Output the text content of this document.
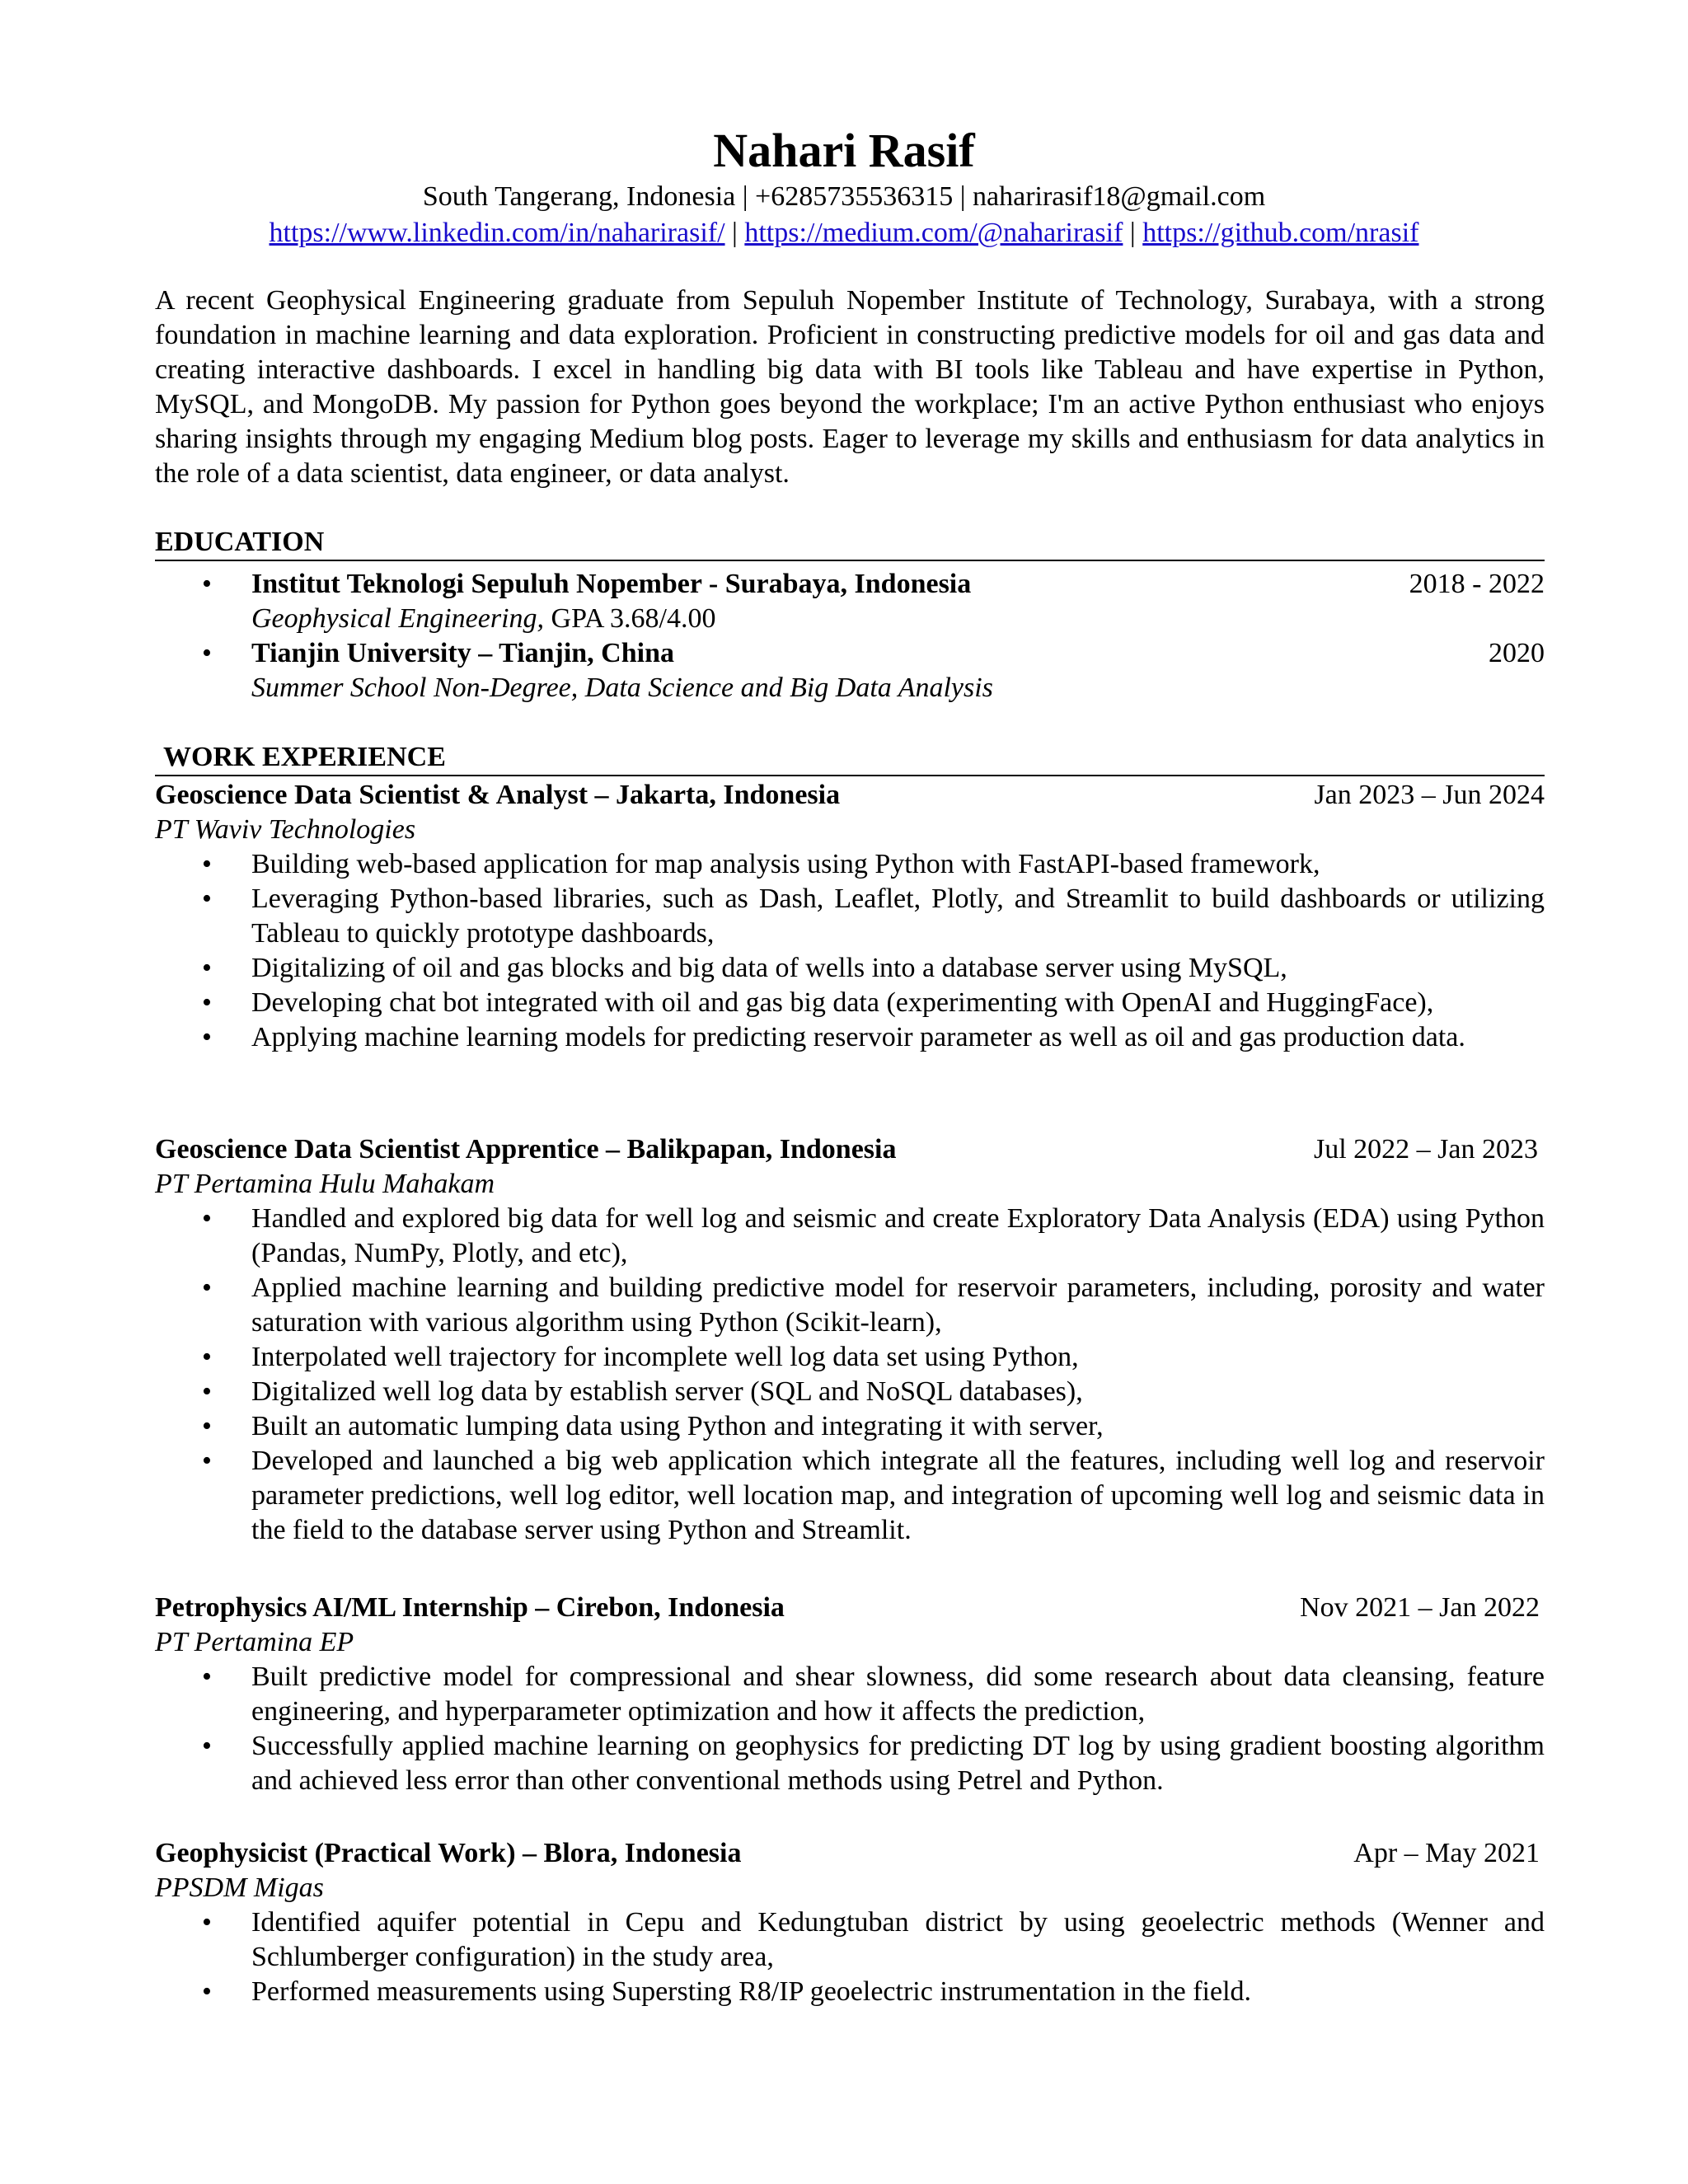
Nahari Rasif
South Tangerang, Indonesia | +6285735536315 | naharirasif18@gmail.com
https://www.linkedin.com/in/naharirasif/ | https://medium.com/@naharirasif | https://github.com/nrasif
A recent Geophysical Engineering graduate from Sepuluh Nopember Institute of Technology, Surabaya, with a strong foundation in machine learning and data exploration. Proficient in constructing predictive models for oil and gas data and creating interactive dashboards. I excel in handling big data with BI tools like Tableau and have expertise in Python, MySQL, and MongoDB. My passion for Python goes beyond the workplace; I'm an active Python enthusiast who enjoys sharing insights through my engaging Medium blog posts. Eager to leverage my skills and enthusiasm for data analytics in the role of a data scientist, data engineer, or data analyst.
EDUCATION
• Institut Teknologi Sepuluh Nopember - Surabaya, Indonesia	2018 - 2022
Geophysical Engineering, GPA 3.68/4.00
• Tianjin University – Tianjin, China	2020
Summer School Non-Degree, Data Science and Big Data Analysis
WORK EXPERIENCE
Geoscience Data Scientist & Analyst – Jakarta, Indonesia	Jan 2023 – Jun 2024
PT Waviv Technologies
• Building web-based application for map analysis using Python with FastAPI-based framework,
• Leveraging Python-based libraries, such as Dash, Leaflet, Plotly, and Streamlit to build dashboards or utilizing Tableau to quickly prototype dashboards,
• Digitalizing of oil and gas blocks and big data of wells into a database server using MySQL,
• Developing chat bot integrated with oil and gas big data (experimenting with OpenAI and HuggingFace),
• Applying machine learning models for predicting reservoir parameter as well as oil and gas production data.
Geoscience Data Scientist Apprentice – Balikpapan, Indonesia	Jul 2022 – Jan 2023
PT Pertamina Hulu Mahakam
• Handled and explored big data for well log and seismic and create Exploratory Data Analysis (EDA) using Python (Pandas, NumPy, Plotly, and etc),
• Applied machine learning and building predictive model for reservoir parameters, including, porosity and water saturation with various algorithm using Python (Scikit-learn),
• Interpolated well trajectory for incomplete well log data set using Python,
• Digitalized well log data by establish server (SQL and NoSQL databases),
• Built an automatic lumping data using Python and integrating it with server,
• Developed and launched a big web application which integrate all the features, including well log and reservoir parameter predictions, well log editor, well location map, and integration of upcoming well log and seismic data in the field to the database server using Python and Streamlit.
Petrophysics AI/ML Internship – Cirebon, Indonesia	Nov 2021 – Jan 2022
PT Pertamina EP
• Built predictive model for compressional and shear slowness, did some research about data cleansing, feature engineering, and hyperparameter optimization and how it affects the prediction,
• Successfully applied machine learning on geophysics for predicting DT log by using gradient boosting algorithm and achieved less error than other conventional methods using Petrel and Python.
Geophysicist (Practical Work) – Blora, Indonesia	Apr – May 2021
PPSDM Migas
• Identified aquifer potential in Cepu and Kedungtuban district by using geoelectric methods (Wenner and Schlumberger configuration) in the study area,
• Performed measurements using Supersting R8/IP geoelectric instrumentation in the field.
